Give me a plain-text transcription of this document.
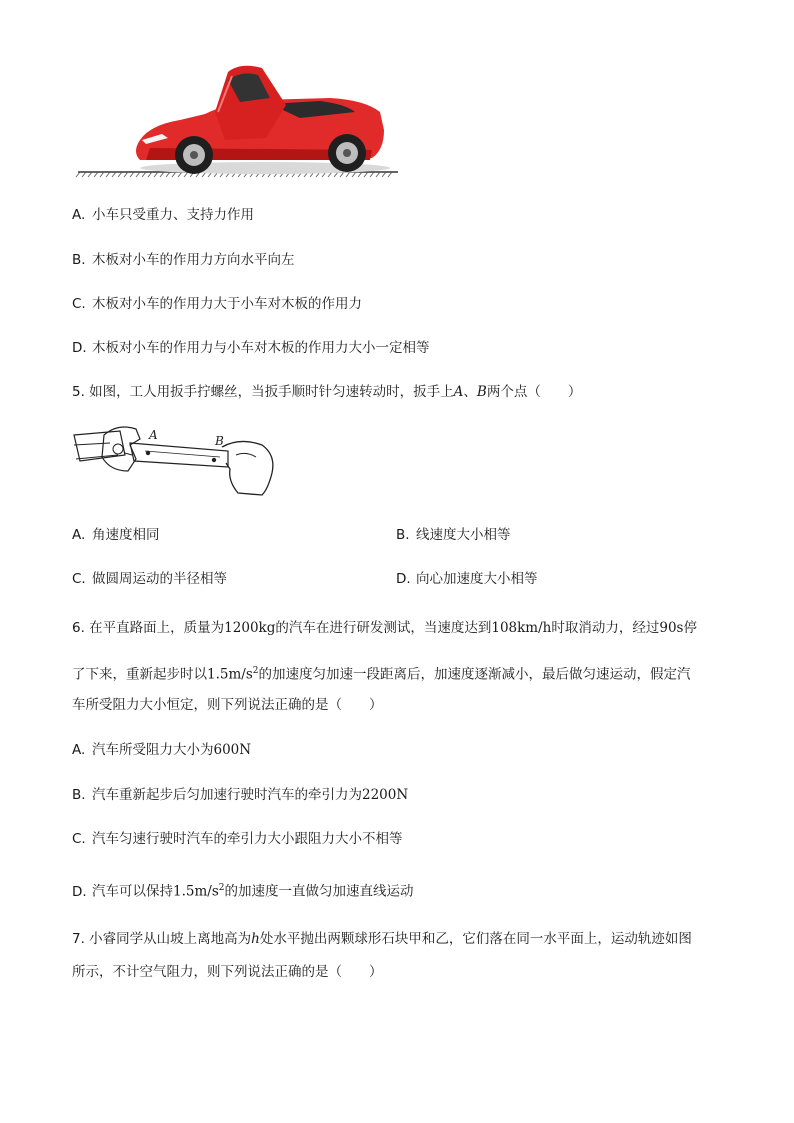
A. 小车只受重力、支持力作用
B. 木板对小车的作用力方向水平向左
C. 木板对小车的作用力大于小车对木板的作用力
D. 木板对小车的作用力与小车对木板的作用力大小一定相等
5. 如图，工人用扳手拧螺丝，当扳手顺时针匀速转动时，扳手上A、B两个点（　　）
A	B
A. 角速度相同	B. 线速度大小相等
C. 做圆周运动的半径相等	D. 向心加速度大小相等
6. 在平直路面上，质量为1200kg的汽车在进行研发测试，当速度达到108km/h时取消动力，经过90s停
了下来，重新起步时以$1.5m/s^2$的加速度匀加速一段距离后，加速度逐渐减小，最后做匀速运动，假定汽
车所受阻力大小恒定，则下列说法正确的是（　　）
A. 汽车所受阻力大小为600N
B. 汽车重新起步后匀加速行驶时汽车的牵引力为2200N
C. 汽车匀速行驶时汽车的牵引力大小跟阻力大小不相等
D. 汽车可以保持$1.5m/s^2$的加速度一直做匀加速直线运动
7. 小睿同学从山坡上离地高为h处水平抛出两颗球形石块甲和乙，它们落在同一水平面上，运动轨迹如图
所示，不计空气阻力，则下列说法正确的是（　　）
